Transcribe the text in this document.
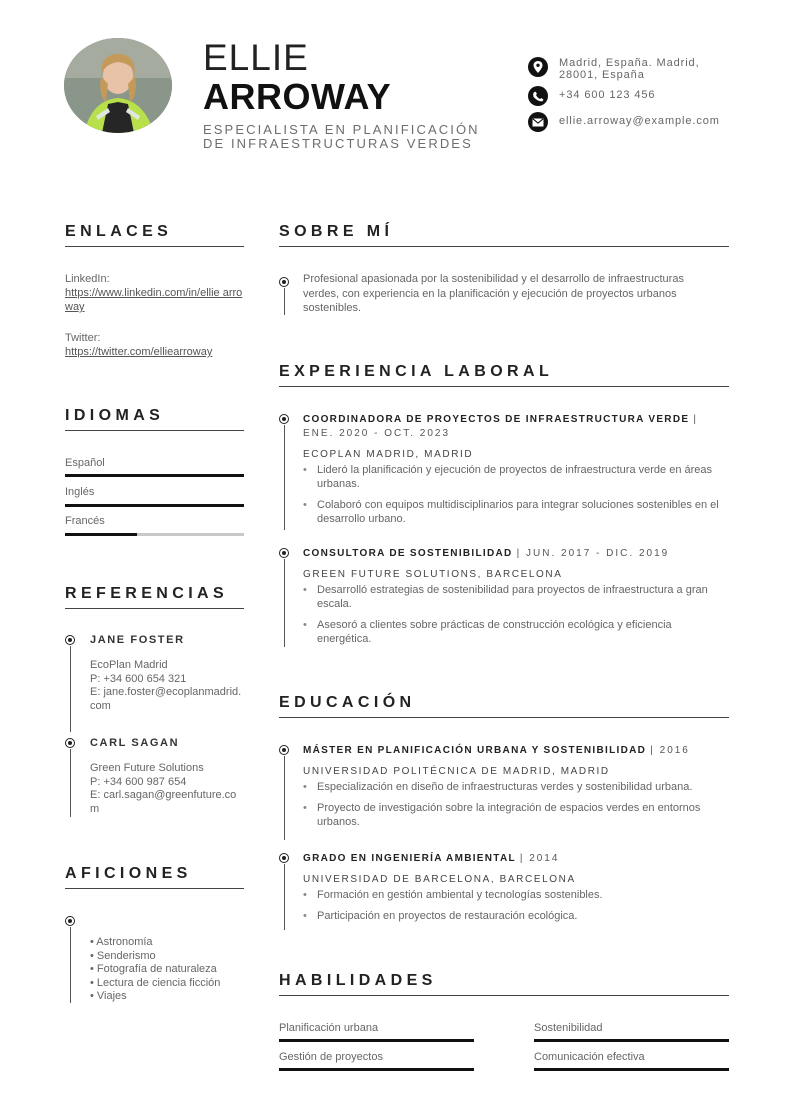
ELLIE
ARROWAY
ESPECIALISTA EN PLANIFICACIÓN DE INFRAESTRUCTURAS VERDES
Madrid, España. Madrid, 28001, España
+34 600 123 456
ellie.arroway@example.com
ENLACES
LinkedIn:
https://www.linkedin.com/in/ellie arroway
Twitter:
https://twitter.com/elliearroway
IDIOMAS
Español
Inglés
Francés
REFERENCIAS
JANE FOSTER
EcoPlan Madrid
P: +34 600 654 321
E: jane.foster@ecoplanmadrid.com
CARL SAGAN
Green Future Solutions
P: +34 600 987 654
E: carl.sagan@greenfuture.com
AFICIONES
• Astronomía
• Senderismo
• Fotografía de naturaleza
• Lectura de ciencia ficción
• Viajes
SOBRE MÍ
Profesional apasionada por la sostenibilidad y el desarrollo de infraestructuras verdes, con experiencia en la planificación y ejecución de proyectos urbanos sostenibles.
EXPERIENCIA LABORAL
COORDINADORA DE PROYECTOS DE INFRAESTRUCTURA VERDE | ENE. 2020 - OCT. 2023
ECOPLAN MADRID, MADRID
• Lideró la planificación y ejecución de proyectos de infraestructura verde en áreas urbanas.
• Colaboró con equipos multidisciplinarios para integrar soluciones sostenibles en el desarrollo urbano.
CONSULTORA DE SOSTENIBILIDAD | JUN. 2017 - DIC. 2019
GREEN FUTURE SOLUTIONS, BARCELONA
• Desarrolló estrategias de sostenibilidad para proyectos de infraestructura a gran escala.
• Asesoró a clientes sobre prácticas de construcción ecológica y eficiencia energética.
EDUCACIÓN
MÁSTER EN PLANIFICACIÓN URBANA Y SOSTENIBILIDAD | 2016
UNIVERSIDAD POLITÉCNICA DE MADRID, MADRID
• Especialización en diseño de infraestructuras verdes y sostenibilidad urbana.
• Proyecto de investigación sobre la integración de espacios verdes en entornos urbanos.
GRADO EN INGENIERÍA AMBIENTAL | 2014
UNIVERSIDAD DE BARCELONA, BARCELONA
• Formación en gestión ambiental y tecnologías sostenibles.
• Participación en proyectos de restauración ecológica.
HABILIDADES
Planificación urbana	Sostenibilidad
Gestión de proyectos	Comunicación efectiva
